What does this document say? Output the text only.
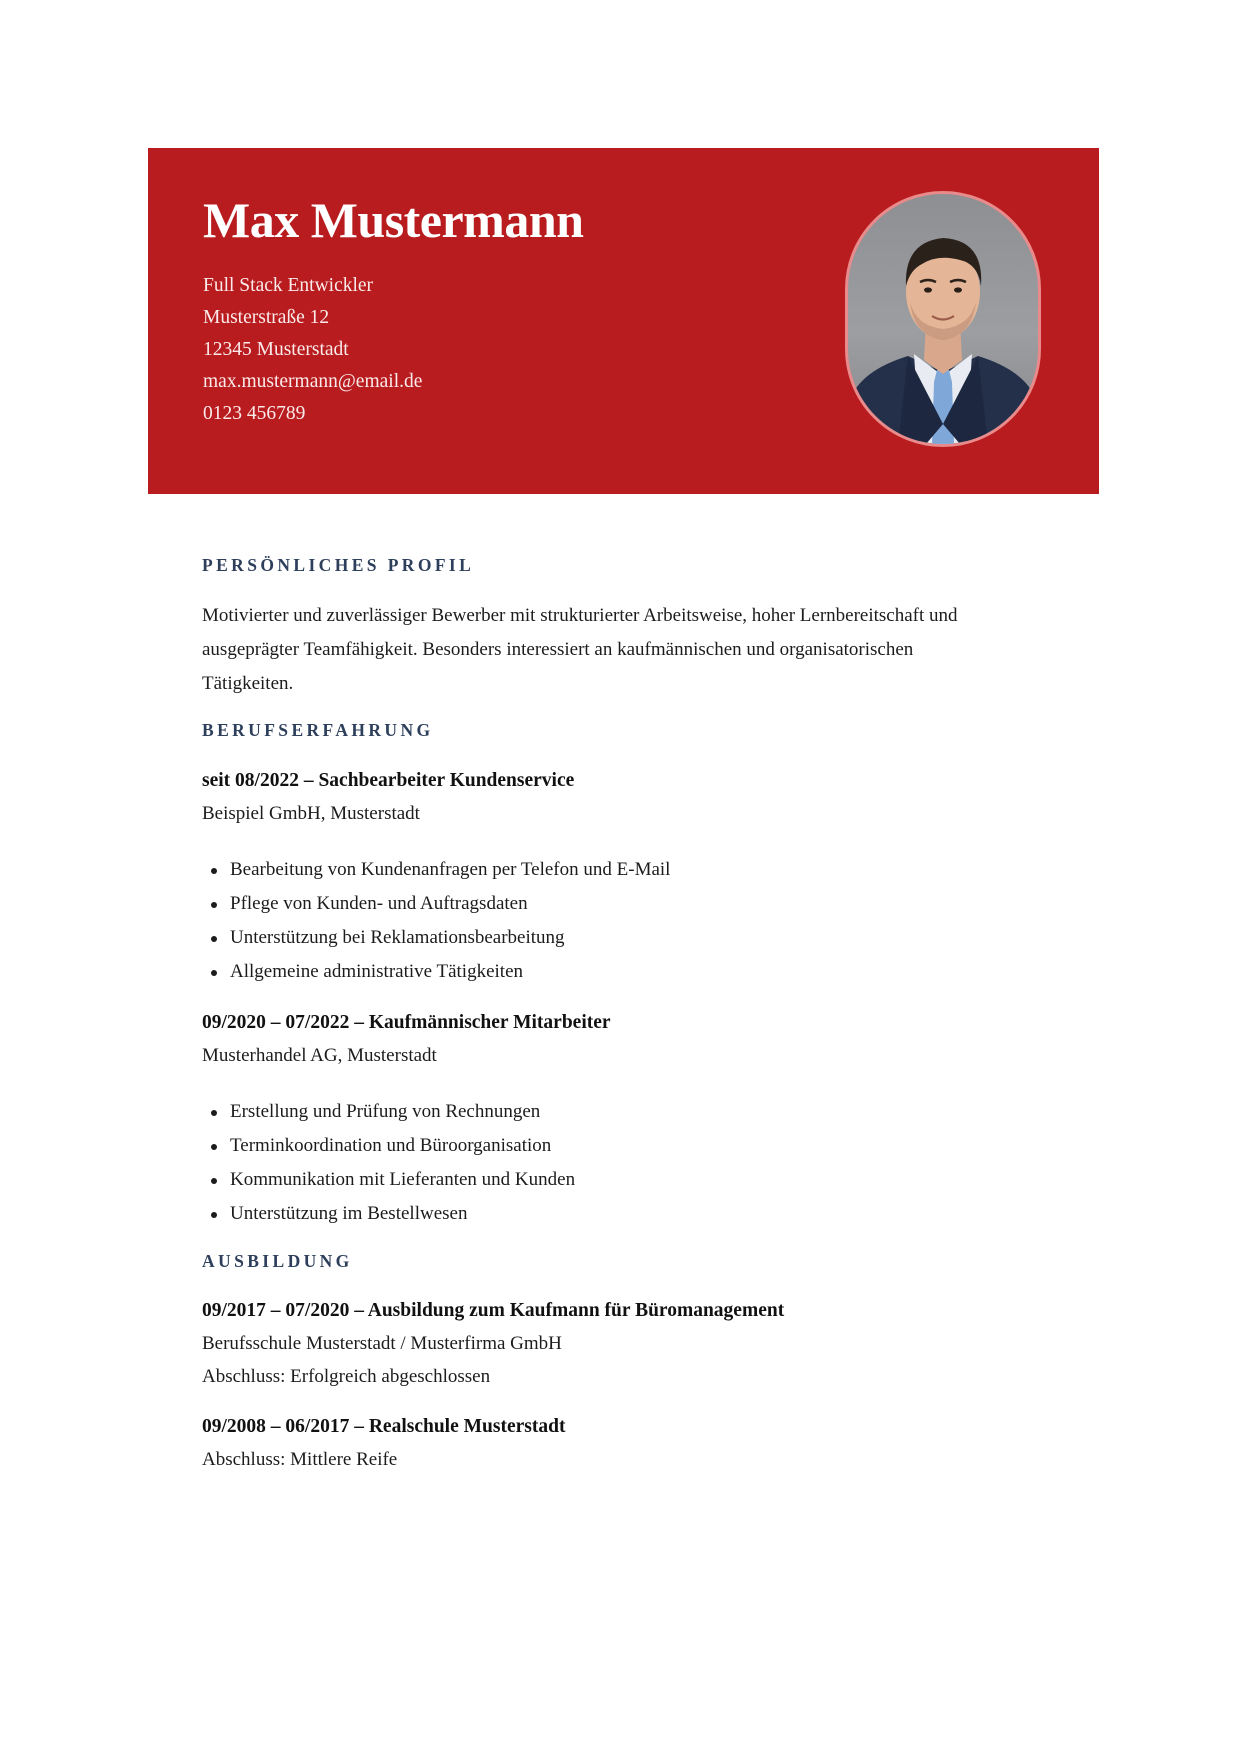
Max Mustermann
Full Stack Entwickler
Musterstraße 12
12345 Musterstadt
max.mustermann@email.de
0123 456789
PERSÖNLICHES PROFIL

Motivierter und zuverlässiger Bewerber mit strukturierter Arbeitsweise, hoher Lernbereitschaft und

ausgeprägter Teamfähigkeit. Besonders interessiert an kaufmännischen und organisatorischen

Tätigkeiten.

BERUFSERFAHRUNG

seit 08/2022 – Sachbearbeiter Kundenservice

Beispiel GmbH, Musterstadt

Bearbeitung von Kundenanfragen per Telefon und E-Mail
Pflege von Kunden- und Auftragsdaten
Unterstützung bei Reklamationsbearbeitung
Allgemeine administrative Tätigkeiten

09/2020 – 07/2022 – Kaufmännischer Mitarbeiter

Musterhandel AG, Musterstadt

Erstellung und Prüfung von Rechnungen
Terminkoordination und Büroorganisation
Kommunikation mit Lieferanten und Kunden
Unterstützung im Bestellwesen
AUSBILDUNG

09/2017 – 07/2020 – Ausbildung zum Kaufmann für Büromanagement

Berufsschule Musterstadt / Musterfirma GmbH

Abschluss: Erfolgreich abgeschlossen

09/2008 – 06/2017 – Realschule Musterstadt

Abschluss: Mittlere Reife
